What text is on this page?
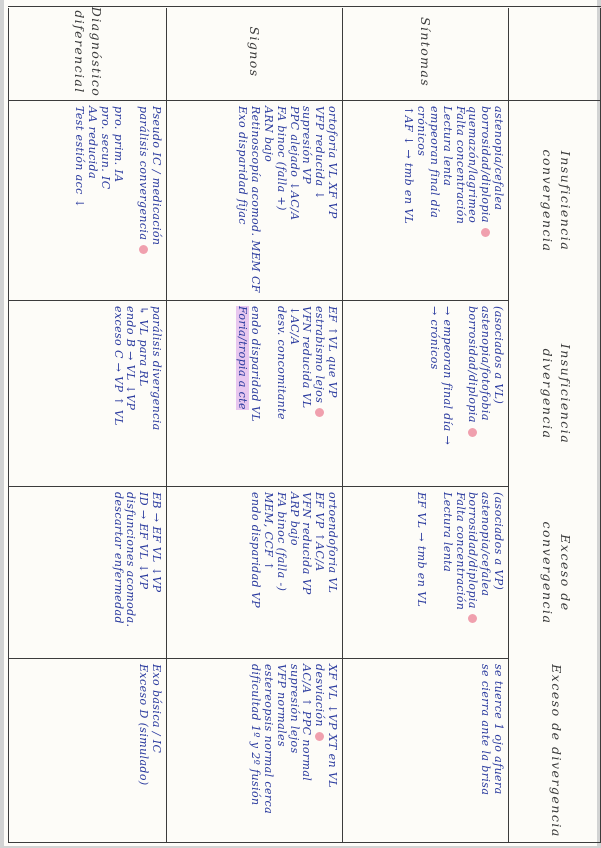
Insuficiencia convergencia
Insuficiencia divergencia
Exceso de convergencia
Exceso de divergencia
Síntomas
Signos
Diagnóstico diferencial
astenopia/cefalea
borrosidad/diplopia
quemazón/lagrimeo
Falta concentración
Lectura lenta
empeoran final día
crónicos
↑AF ↓ → tmb en VL
(asociados a VL)
astenopia/fotofobia
borrosidad/diplopia

→ empeoran final día →
→ crónicos
(asociados a VP)
astenopia/cefalea
borrosidad/diplopia
Falta concentración
Lectura lenta

EF VL → tmb en VL
se tuerce 1 ojo afuera
se cierra ante la brisa
ortoforia VL XF VP
VFP reducida ↓
supresión VP
PPC alejado ↓AC/A
FA binoc (falla +)
ARN bajo
Retinoscopía acomod. MEM CF
Exo disparidad fijac
EF ↑VL que VP
estrabismo lejos
VFN reducida VL
↓AC/A
desv. concomitante

endo disparidad VL
Foria/tropia a cte
ortoendoforia VL
EF VP ↑AC/A
VFN reducida VP
ARP bajo
FA binoc (falla -)
MEM, CCF ↑
endo disparidad VP
XF VL ↓VP XT en VL
desviación
AC/A ↑ PPC normal
supresión lejos
VFP normales
estereopsis normal cerca
dificultad 1º y 2º fusión
Pseudo IC / medicación
parálisis convergencia

pro. prim. IA
pro. secun. IC
AA reducida
Test estión acc ↓
parálisis divergencia
↳ VL para RL
endo B → VL ↓VP
exceso C → VP ↑ VL
EB → EF VL ↓VP
ID → EF VL ↓VP
disfunciones acomoda.
descartar enfermedad
Exo básica / IC
Exceso D (simulado)
